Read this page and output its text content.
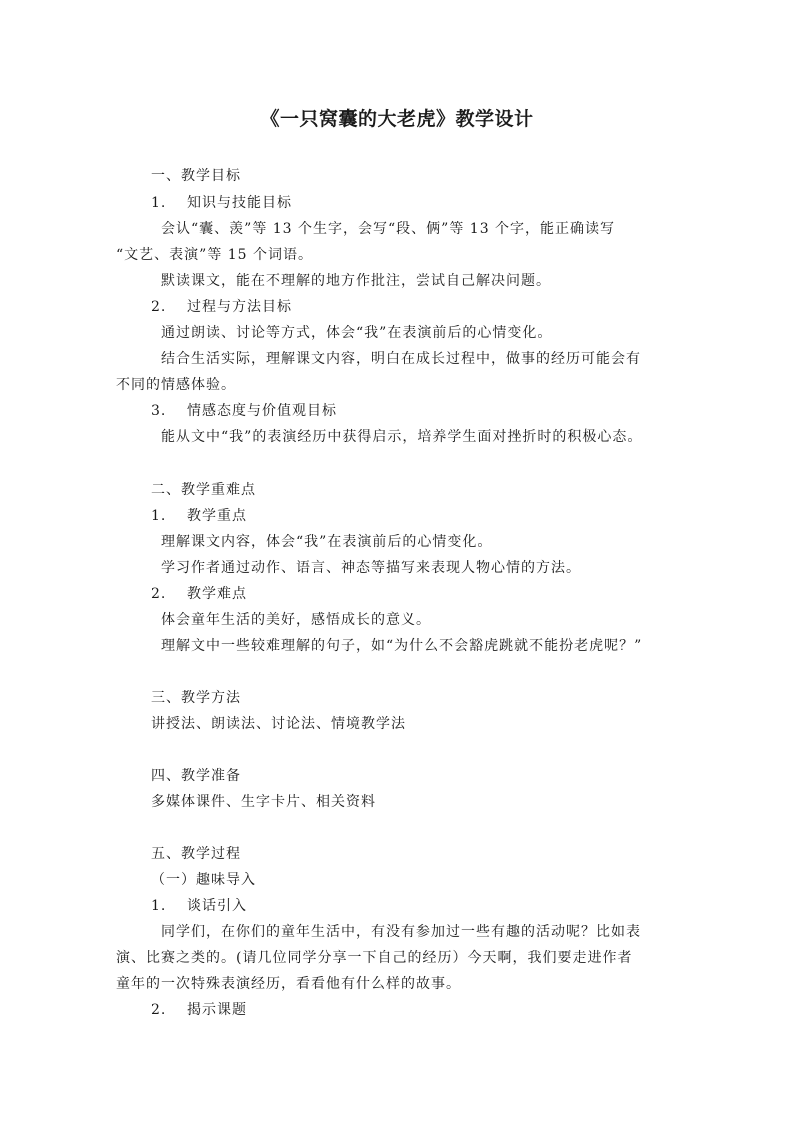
《一只窝囊的大老虎》教学设计
一、教学目标
1. 知识与技能目标
会认“囊、羡”等 13 个生字，会写“段、俩”等 13 个字，能正确读写
“文艺、表演”等 15 个词语。
默读课文，能在不理解的地方作批注，尝试自己解决问题。
2. 过程与方法目标
通过朗读、讨论等方式，体会“我”在表演前后的心情变化。
结合生活实际，理解课文内容，明白在成长过程中，做事的经历可能会有
不同的情感体验。
3. 情感态度与价值观目标
能从文中“我”的表演经历中获得启示，培养学生面对挫折时的积极心态。
二、教学重难点
1. 教学重点
理解课文内容，体会“我”在表演前后的心情变化。
学习作者通过动作、语言、神态等描写来表现人物心情的方法。
2. 教学难点
体会童年生活的美好，感悟成长的意义。
理解文中一些较难理解的句子，如“为什么不会豁虎跳就不能扮老虎呢？”
三、教学方法
讲授法、朗读法、讨论法、情境教学法
四、教学准备
多媒体课件、生字卡片、相关资料
五、教学过程
（一）趣味导入
1. 谈话引入
同学们，在你们的童年生活中，有没有参加过一些有趣的活动呢？比如表
演、比赛之类的。(请几位同学分享一下自己的经历）今天啊，我们要走进作者
童年的一次特殊表演经历，看看他有什么样的故事。
2. 揭示课题
